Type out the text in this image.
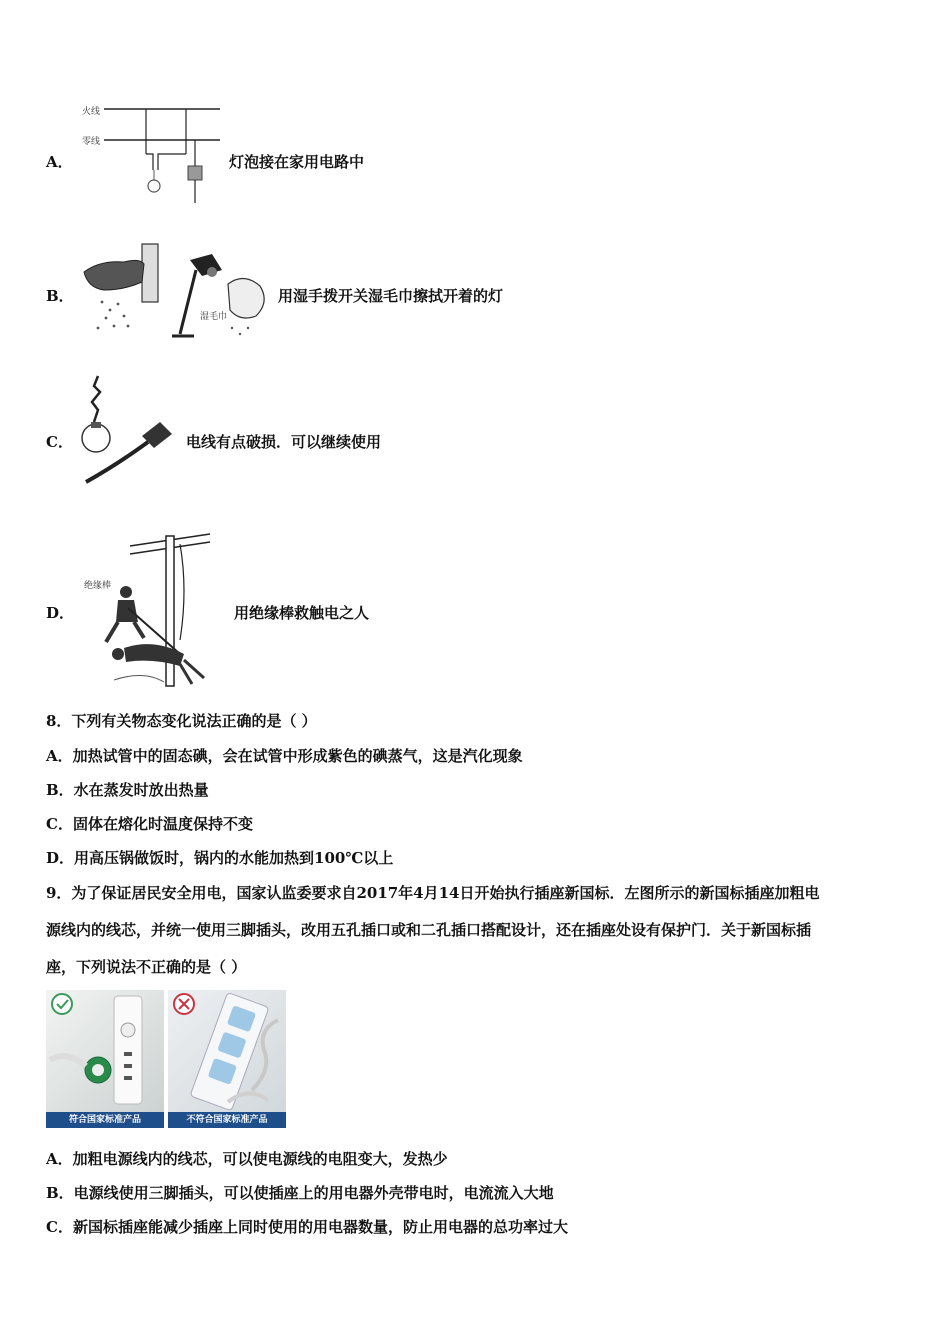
A．
火线
零线
灯泡接在家用电路中
B．
湿毛巾
用湿手拨开关湿毛巾擦拭开着的灯
C．	电线有点破损．可以继续使用
D．
绝缘棒
用绝缘棒救触电之人
8．下列有关物态变化说法正确的是（ ）
A．加热试管中的固态碘，会在试管中形成紫色的碘蒸气，这是汽化现象
B．水在蒸发时放出热量
C．固体在熔化时温度保持不变
D．用高压锅做饭时，锅内的水能加热到100℃以上
9．为了保证居民安全用电，国家认监委要求自2017年4月14日开始执行插座新国标．左图所示的新国标插座加粗电
源线内的线芯，并统一使用三脚插头，改用五孔插口或和二孔插口搭配设计，还在插座处设有保护门．关于新国标插
座，下列说法不正确的是（ ）
符合国家标准产品	不符合国家标准产品
A．加粗电源线内的线芯，可以使电源线的电阻变大，发热少
B．电源线使用三脚插头，可以使插座上的用电器外壳带电时，电流流入大地
C．新国标插座能减少插座上同时使用的用电器数量，防止用电器的总功率过大
